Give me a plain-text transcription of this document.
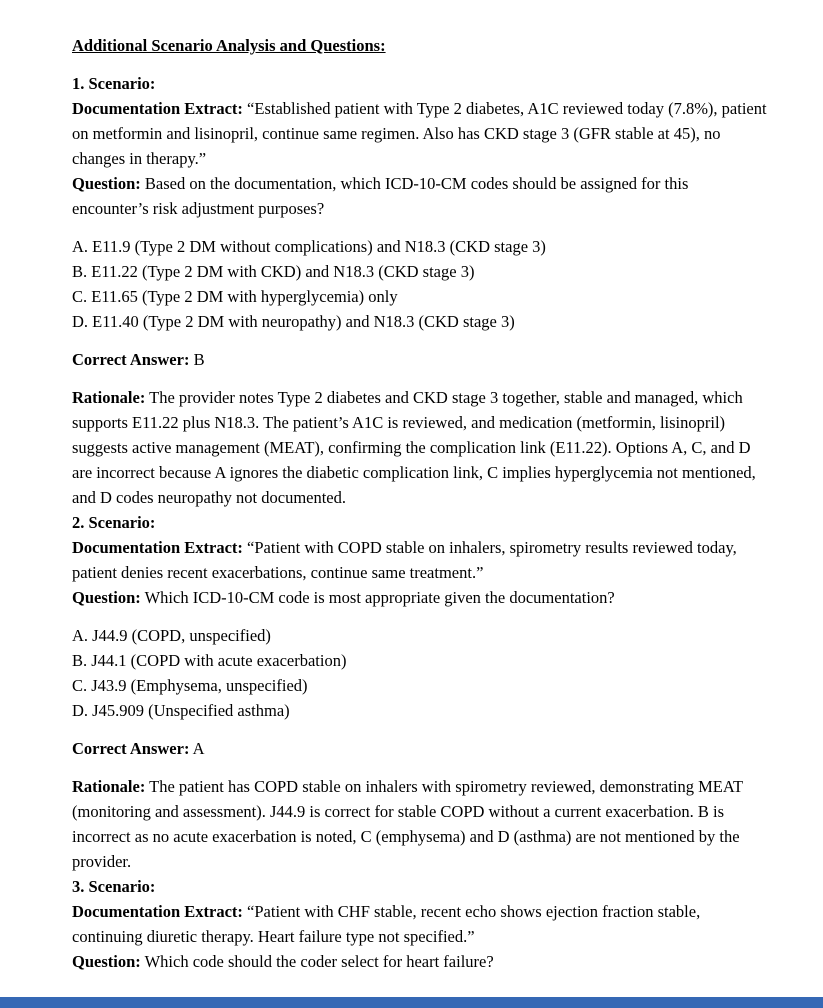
Additional Scenario Analysis and Questions:

1. Scenario:
Documentation Extract: “Established patient with Type 2 diabetes, A1C reviewed today (7.8%), patient on metformin and lisinopril, continue same regimen. Also has CKD stage 3 (GFR stable at 45), no changes in therapy.”
Question: Based on the documentation, which ICD-10-CM codes should be assigned for this encounter’s risk adjustment purposes?

A. E11.9 (Type 2 DM without complications) and N18.3 (CKD stage 3)
B. E11.22 (Type 2 DM with CKD) and N18.3 (CKD stage 3)
C. E11.65 (Type 2 DM with hyperglycemia) only
D. E11.40 (Type 2 DM with neuropathy) and N18.3 (CKD stage 3)

Correct Answer: B

Rationale: The provider notes Type 2 diabetes and CKD stage 3 together, stable and managed, which supports E11.22 plus N18.3. The patient’s A1C is reviewed, and medication (metformin, lisinopril) suggests active management (MEAT), confirming the complication link (E11.22). Options A, C, and D are incorrect because A ignores the diabetic complication link, C implies hyperglycemia not mentioned, and D codes neuropathy not documented.

2. Scenario:
Documentation Extract: “Patient with COPD stable on inhalers, spirometry results reviewed today, patient denies recent exacerbations, continue same treatment.”
Question: Which ICD-10-CM code is most appropriate given the documentation?

A. J44.9 (COPD, unspecified)
B. J44.1 (COPD with acute exacerbation)
C. J43.9 (Emphysema, unspecified)
D. J45.909 (Unspecified asthma)

Correct Answer: A

Rationale: The patient has COPD stable on inhalers with spirometry reviewed, demonstrating MEAT (monitoring and assessment). J44.9 is correct for stable COPD without a current exacerbation. B is incorrect as no acute exacerbation is noted, C (emphysema) and D (asthma) are not mentioned by the provider.

3. Scenario:
Documentation Extract: “Patient with CHF stable, recent echo shows ejection fraction stable, continuing diuretic therapy. Heart failure type not specified.”
Question: Which code should the coder select for heart failure?
